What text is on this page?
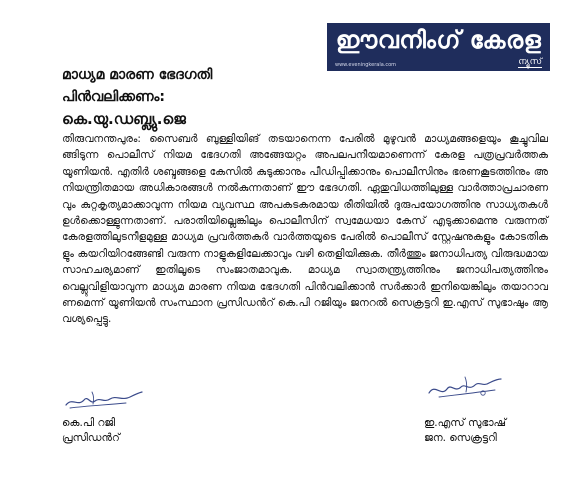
ഈവനിംഗ് കേരള
www.eveningkerala.com	ന്യൂസ്
മാധ്യമ മാരണ ഭേദഗതി
പിൻവലിക്കണം:
കെ.യു.ഡബ്ല്യു.ജെ
തിരുവനന്തപുരം: സൈബർ ബുള്ളിയിങ് തടയാനെന്ന പേരിൽ മുഴുവൻ മാധ്യമങ്ങളെയും കൂച്ചുവിലങ്ങിടുന്ന പൊലീസ് നിയമ ഭേദഗതി അങ്ങേയറ്റം അപലപനീയമാണെന്ന് കേരള പത്രപ്രവർത്തക യൂണിയൻ. എതിർ ശബ്ദങ്ങളെ കേസിൽ കുടുക്കാനും പീഡിപ്പിക്കാനും പൊലീസിനും ഭരണകൂടത്തിനും അനിയന്ത്രിതമായ അധികാരങ്ങൾ നൽകുന്നതാണ് ഈ ഭേദഗതി. ഏതുവിധത്തിലുള്ള വാർത്താപ്രചാരണവും കുറ്റകൃത്യമാക്കാവുന്ന നിയമ വ്യവസ്ഥ അപകടകരമായ രീതിയിൽ ദുരുപയോഗത്തിനു സാധ്യതകൾ ഉൾക്കൊള്ളുന്നതാണ്. പരാതിയില്ലെങ്കിലും പൊലീസിന് സ്വമേധയാ കേസ് എടുക്കാമെന്നു വരുന്നത് കേരളത്തിലുടനീളമുള്ള മാധ്യമ പ്രവർത്തകർ വാർത്തയുടെ പേരിൽ പൊലീസ് സ്റ്റേഷനുകളും കോടതികളും കയറിയിറങ്ങേണ്ടി വരുന്ന നാളുകളിലേക്കാവും വഴി തെളിയിക്കുക. തീർത്തും ജനാധിപത്യ വിരുദ്ധമായ സാഹചര്യമാണ് ഇതിലൂടെ സംജാതമാവുക. മാധ്യമ സ്വാതന്ത്ര്യത്തിനും ജനാധിപത്യത്തിനും വെല്ലുവിളിയാവുന്ന മാധ്യമ മാരണ നിയമ ഭേദഗതി പിൻവലിക്കാൻ സർക്കാർ ഇനിയെങ്കിലും തയാറാവണമെന്ന് യൂണിയൻ സംസ്ഥാന പ്രസിഡൻറ് കെ.പി റജിയും ജനറൽ സെക്രട്ടറി ഇ.എസ് സുഭാഷും ആവശ്യപ്പെട്ടു.
കെ.പി റജി
പ്രസിഡൻറ്
ഇ.എസ് സുഭാഷ്
ജന. സെക്രട്ടറി
